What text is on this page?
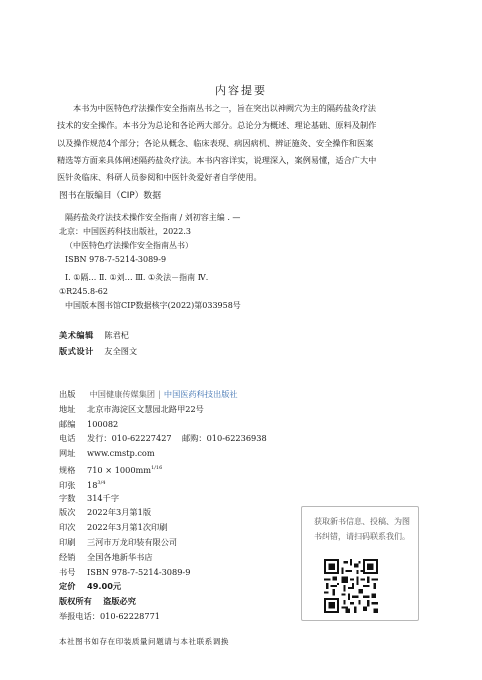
内容提要
本书为中医特色疗法操作安全指南丛书之一，旨在突出以神阙穴为主的隔药盐灸疗法
技术的安全操作。本书分为总论和各论两大部分。总论分为概述、理论基础、原料及制作
以及操作规范4个部分；各论从概念、临床表现、病因病机、辨证施灸、安全操作和医案
精选等方面来具体阐述隔药盐灸疗法。本书内容详实，说理深入，案例易懂，适合广大中
医针灸临床、科研人员参阅和中医针灸爱好者自学使用。
图书在版编目（CIP）数据
隔药盐灸疗法技术操作安全指南 / 刘初容主编 . —
北京：中国医药科技出版社，2022.3
（中医特色疗法操作安全指南丛书）
ISBN 978-7-5214-3089-9
Ⅰ. ①隔… Ⅱ. ①刘… Ⅲ. ①灸法－指南 Ⅳ.
①R245.8-62
中国版本图书馆CIP数据核字(2022)第033958号
美术编辑 陈君杞
版式设计 友全图文
出版 中国健康传媒集团 | 中国医药科技出版社
地址 北京市海淀区文慧园北路甲22号
邮编 100082
电话 发行：010-62227427    邮购：010-62236938
网址 www.cmstp.com
规格 $710 \times 1000mm^{1/16}$
印张 $18^{3/4}$
字数 314千字
版次 2022年3月第1版
印次 2022年3月第1次印刷
印刷 三河市万龙印装有限公司
经销 全国各地新华书店
书号 ISBN 978-7-5214-3089-9
定价 49.00元
版权所有    盗版必究
举报电话：010-62228771
获取新书信息、投稿、为图书纠错，请扫码联系我们。
本社图书如存在印装质量问题请与本社联系调换
